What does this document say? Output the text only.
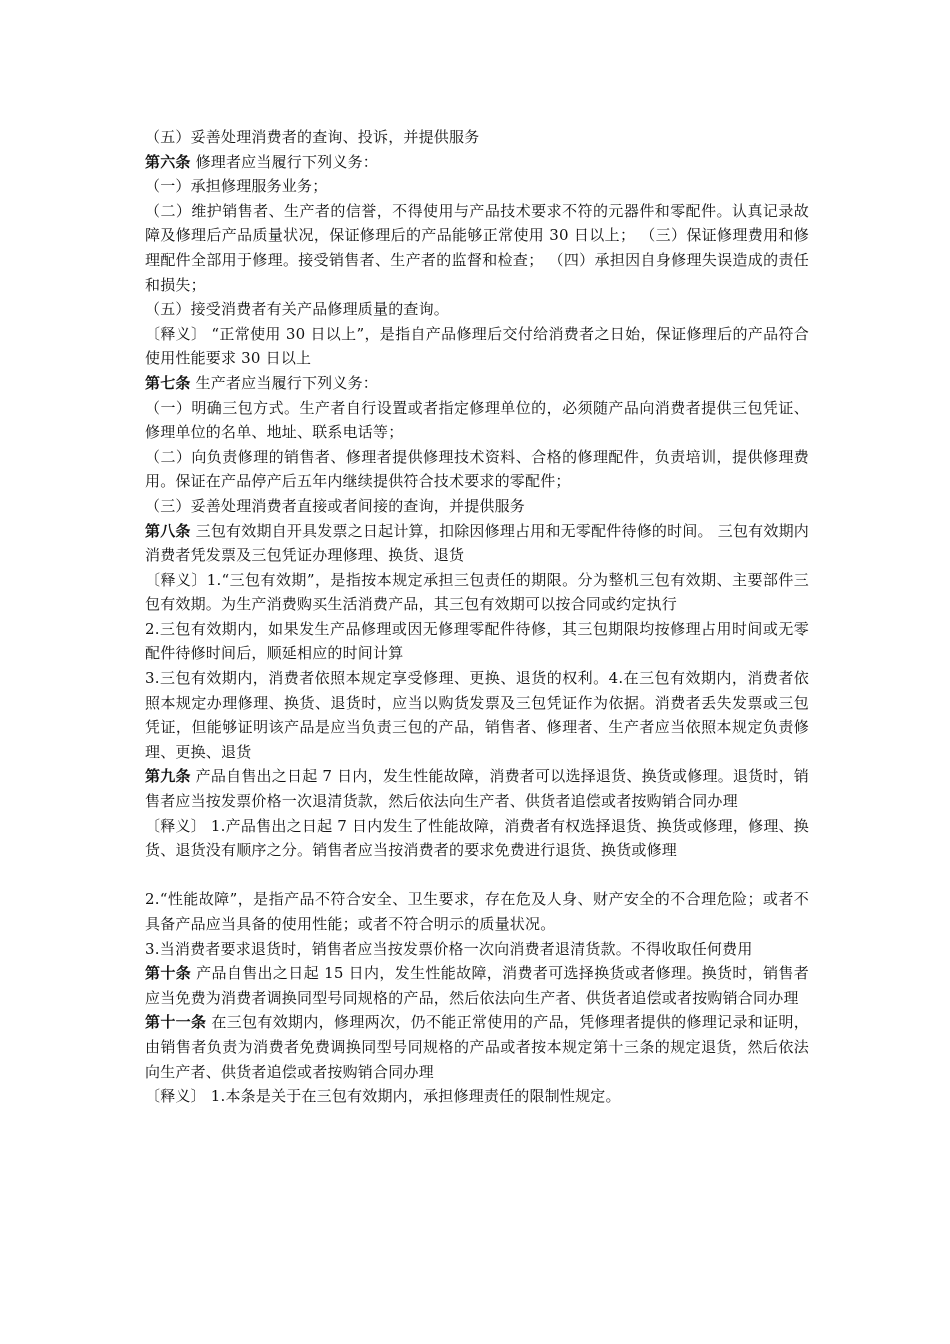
（五）妥善处理消费者的查询、投诉，并提供服务

第六条 修理者应当履行下列义务：

（一）承担修理服务业务；

（二）维护销售者、生产者的信誉，不得使用与产品技术要求不符的元器件和零配件。认真记录故障及修理后产品质量状况，保证修理后的产品能够正常使用 30 日以上； （三）保证修理费用和修理配件全部用于修理。接受销售者、生产者的监督和检查； （四）承担因自身修理失误造成的责任和损失；

（五）接受消费者有关产品修理质量的查询。

〔释义〕 “正常使用 30 日以上”，是指自产品修理后交付给消费者之日始，保证修理后的产品符合使用性能要求 30 日以上

第七条 生产者应当履行下列义务：

（一）明确三包方式。生产者自行设置或者指定修理单位的，必须随产品向消费者提供三包凭证、修理单位的名单、地址、联系电话等；

（二）向负责修理的销售者、修理者提供修理技术资料、合格的修理配件，负责培训，提供修理费用。保证在产品停产后五年内继续提供符合技术要求的零配件；

（三）妥善处理消费者直接或者间接的查询，并提供服务

第八条 三包有效期自开具发票之日起计算，扣除因修理占用和无零配件待修的时间。 三包有效期内消费者凭发票及三包凭证办理修理、换货、退货

〔释义〕1.“三包有效期”，是指按本规定承担三包责任的期限。分为整机三包有效期、主要部件三包有效期。为生产消费购买生活消费产品，其三包有效期可以按合同或约定执行

2.三包有效期内，如果发生产品修理或因无修理零配件待修，其三包期限均按修理占用时间或无零配件待修时间后，顺延相应的时间计算

3.三包有效期内，消费者依照本规定享受修理、更换、退货的权利。4.在三包有效期内，消费者依照本规定办理修理、换货、退货时，应当以购货发票及三包凭证作为依据。消费者丢失发票或三包凭证，但能够证明该产品是应当负责三包的产品，销售者、修理者、生产者应当依照本规定负责修理、更换、退货

第九条 产品自售出之日起 7 日内，发生性能故障，消费者可以选择退货、换货或修理。退货时，销售者应当按发票价格一次退清货款，然后依法向生产者、供货者追偿或者按购销合同办理

〔释义〕 1.产品售出之日起 7 日内发生了性能故障，消费者有权选择退货、换货或修理，修理、换货、退货没有顺序之分。销售者应当按消费者的要求免费进行退货、换货或修理

2.“性能故障”，是指产品不符合安全、卫生要求，存在危及人身、财产安全的不合理危险；或者不具备产品应当具备的使用性能；或者不符合明示的质量状况。

3.当消费者要求退货时，销售者应当按发票价格一次向消费者退清货款。不得收取任何费用

第十条 产品自售出之日起 15 日内，发生性能故障，消费者可选择换货或者修理。换货时，销售者应当免费为消费者调换同型号同规格的产品，然后依法向生产者、供货者追偿或者按购销合同办理

第十一条 在三包有效期内，修理两次，仍不能正常使用的产品，凭修理者提供的修理记录和证明，由销售者负责为消费者免费调换同型号同规格的产品或者按本规定第十三条的规定退货，然后依法向生产者、供货者追偿或者按购销合同办理

〔释义〕 1.本条是关于在三包有效期内，承担修理责任的限制性规定。
